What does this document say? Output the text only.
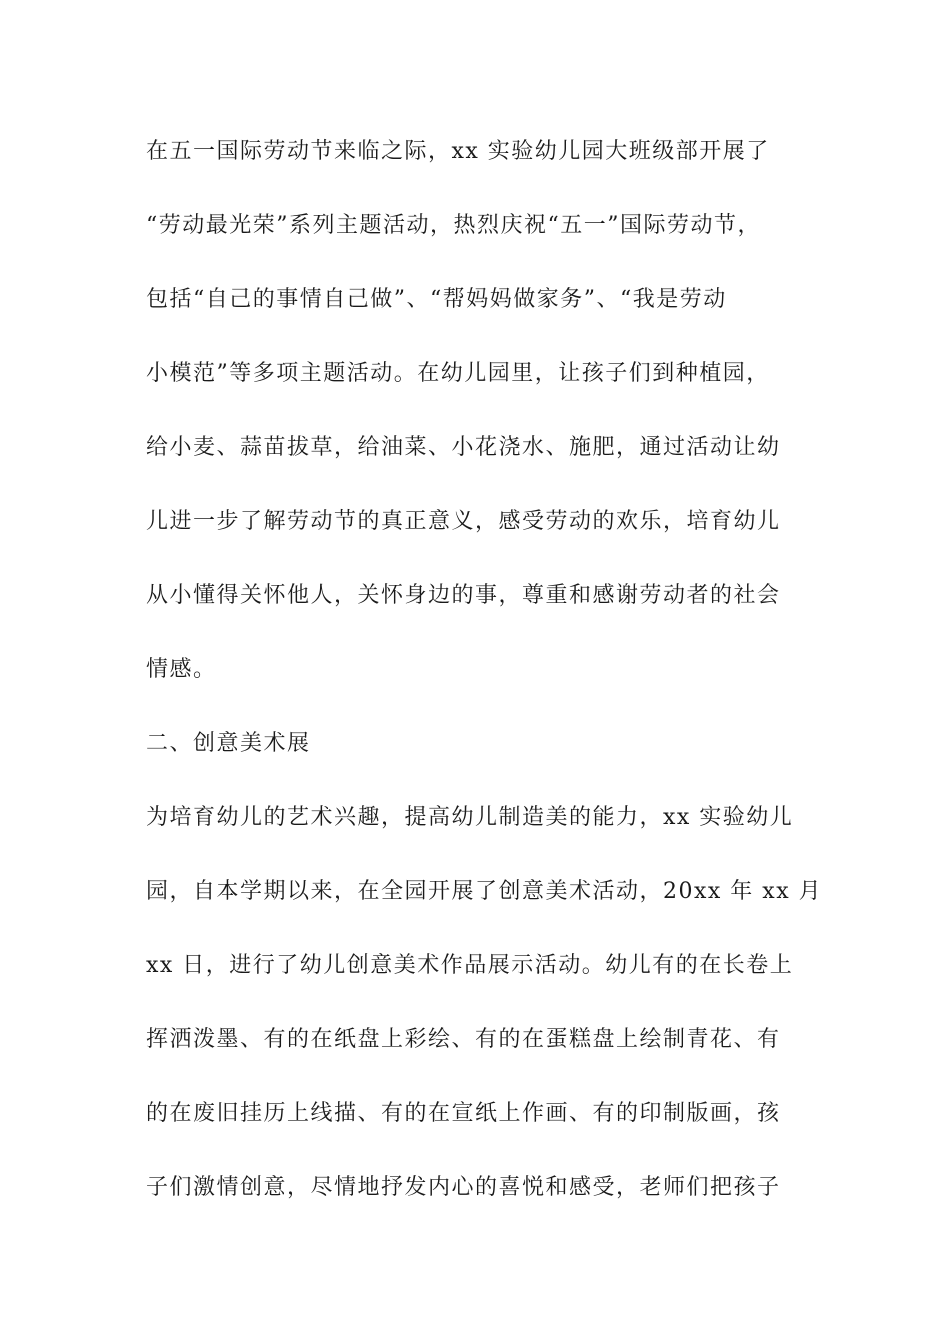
在五一国际劳动节来临之际，xx 实验幼儿园大班级部开展了
“劳动最光荣”系列主题活动，热烈庆祝“五一”国际劳动节，
包括“自己的事情自己做”、“帮妈妈做家务”、“我是劳动
小模范”等多项主题活动。在幼儿园里，让孩子们到种植园，
给小麦、蒜苗拔草，给油菜、小花浇水、施肥，通过活动让幼
儿进一步了解劳动节的真正意义，感受劳动的欢乐，培育幼儿
从小懂得关怀他人，关怀身边的事，尊重和感谢劳动者的社会
情感。
二、创意美术展
为培育幼儿的艺术兴趣，提高幼儿制造美的能力，xx 实验幼儿
园，自本学期以来，在全园开展了创意美术活动，20xx 年 xx 月
xx 日，进行了幼儿创意美术作品展示活动。幼儿有的在长卷上
挥洒泼墨、有的在纸盘上彩绘、有的在蛋糕盘上绘制青花、有
的在废旧挂历上线描、有的在宣纸上作画、有的印制版画，孩
子们激情创意，尽情地抒发内心的喜悦和感受，老师们把孩子
